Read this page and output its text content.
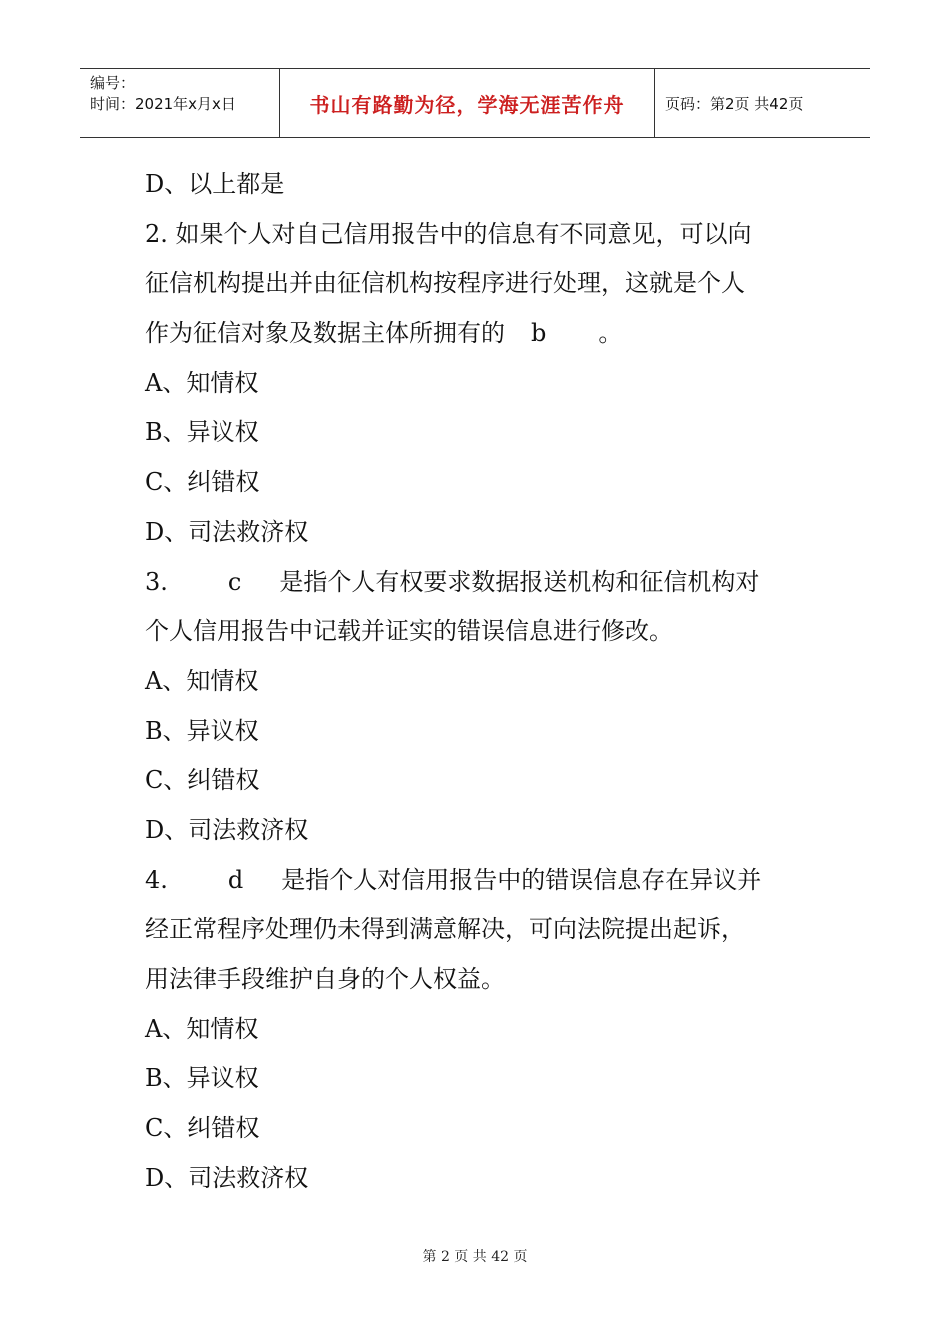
编号：
时间：2021年x月x日	书山有路勤为径，学海无涯苦作舟	页码：第2页 共42页
D、以上都是
2. 如果个人对自己信用报告中的信息有不同意见，可以向
征信机构提出并由征信机构按程序进行处理，这就是个人
作为征信对象及数据主体所拥有的 b 。
A、知情权
B、异议权
C、纠错权
D、司法救济权
3.	c 是指个人有权要求数据报送机构和征信机构对
个人信用报告中记载并证实的错误信息进行修改。
A、知情权
B、异议权
C、纠错权
D、司法救济权
4.	d 是指个人对信用报告中的错误信息存在异议并
经正常程序处理仍未得到满意解决，可向法院提出起诉，
用法律手段维护自身的个人权益。
A、知情权
B、异议权
C、纠错权
D、司法救济权
第 2 页 共 42 页
